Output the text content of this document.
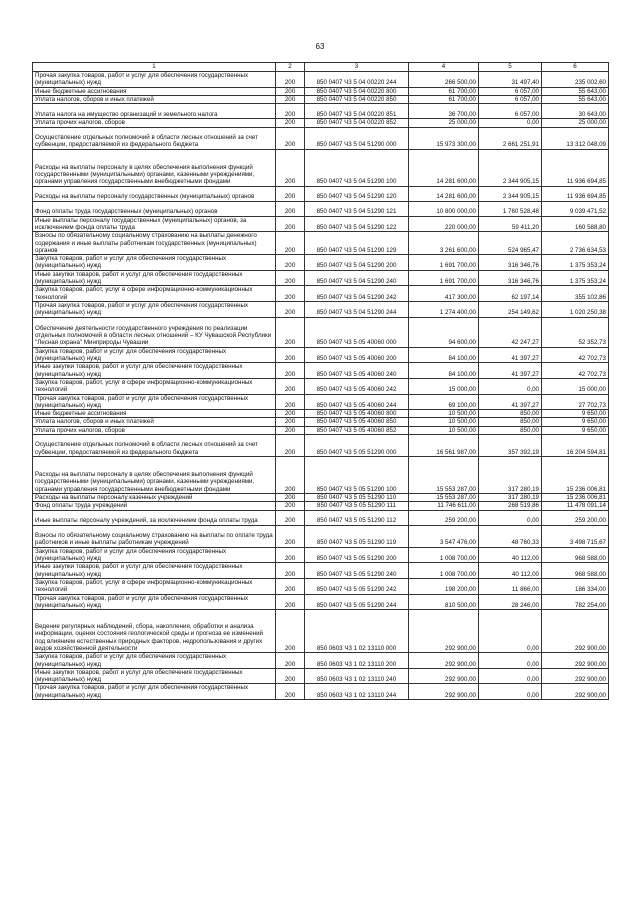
63
1	2	3	4	5	6
Прочая закупка товаров, работ и услуг для обеспечения государственных (муниципальных) нужд	200	850 0407 Ч3 5 04 00220 244	266 500,00	31 497,40	235 002,60
Иные бюджетные ассигнования	200	850 0407 Ч3 5 04 00220 800	61 700,00	6 057,00	55 643,00
Уплата налогов, сборов и иных платежей	200	850 0407 Ч3 5 04 00220 850	61 700,00	6 057,00	55 643,00
Уплата налога на имущество организаций и земельного налога	200	850 0407 Ч3 5 04 00220 851	36 700,00	6 057,00	30 643,00
Уплата прочих налогов, сборов	200	850 0407 Ч3 5 04 00220 852	25 000,00	0,00	25 000,00
Осуществление отдельных полномочий в области лесных отношений за счет субвенции, предоставляемой из федерального бюджета	200	850 0407 Ч3 5 04 51290 000	15 973 300,00	2 661 251,91	13 312 048,09
Расходы на выплаты персоналу в целях обеспечения выполнения функций государственными (муниципальными) органами, казенными учреждениями, органами управления государственными внебюджетными фондами	200	850 0407 Ч3 5 04 51290 100	14 281 600,00	2 344 905,15	11 936 694,85
Расходы на выплаты персоналу государственных (муниципальных) органов	200	850 0407 Ч3 5 04 51290 120	14 281 600,00	2 344 905,15	11 936 694,85
Фонд оплаты труда государственных (муниципальных) органов	200	850 0407 Ч3 5 04 51290 121	10 800 000,00	1 760 528,48	9 039 471,52
Иные выплаты персоналу государственных (муниципальных) органов, за исключением фонда оплаты труда	200	850 0407 Ч3 5 04 51290 122	220 000,00	59 411,20	160 588,80
Взносы по обязательному социальному страхованию на выплаты денежного содержания и иные выплаты работникам государственных (муниципальных) органов	200	850 0407 Ч3 5 04 51290 129	3 261 600,00	524 965,47	2 736 634,53
Закупка товаров, работ и услуг для обеспечения государственных (муниципальных) нужд	200	850 0407 Ч3 5 04 51290 200	1 691 700,00	316 346,76	1 375 353,24
Иные закупки товаров, работ и услуг для обеспечения государственных (муниципальных) нужд	200	850 0407 Ч3 5 04 51290 240	1 691 700,00	316 346,76	1 375 353,24
Закупка товаров, работ, услуг в сфере информационно-коммуникационных технологий	200	850 0407 Ч3 5 04 51290 242	417 300,00	62 197,14	355 102,86
Прочая закупка товаров, работ и услуг для обеспечения государственных (муниципальных) нужд	200	850 0407 Ч3 5 04 51290 244	1 274 400,00	254 149,62	1 020 250,38
Обеспечение деятельности государственного учреждения по реализации отдельных полномочий в области лесных отношений – КУ Чувашской Республики "Лесная охрана" Минприроды Чувашии	200	850 0407 Ч3 5 05 40060 000	94 600,00	42 247,27	52 352,73
Закупка товаров, работ и услуг для обеспечения государственных (муниципальных) нужд	200	850 0407 Ч3 5 05 40060 200	84 100,00	41 397,27	42 702,73
Иные закупки товаров, работ и услуг для обеспечения государственных (муниципальных) нужд	200	850 0407 Ч3 5 05 40060 240	84 100,00	41 397,27	42 702,73
Закупка товаров, работ, услуг в сфере информационно-коммуникационных технологий	200	850 0407 Ч3 5 05 40060 242	15 000,00	0,00	15 000,00
Прочая закупка товаров, работ и услуг для обеспечения государственных (муниципальных) нужд	200	850 0407 Ч3 5 05 40060 244	69 100,00	41 397,27	27 702,73
Иные бюджетные ассигнования	200	850 0407 Ч3 5 05 40060 800	10 500,00	850,00	9 650,00
Уплата налогов, сборов и иных платежей	200	850 0407 Ч3 5 05 40060 850	10 500,00	850,00	9 650,00
Уплата прочих налогов, сборов	200	850 0407 Ч3 5 05 40060 852	10 500,00	850,00	9 650,00
Осуществление отдельных полномочий в области лесных отношений за счет субвенции, предоставляемой из федерального бюджета	200	850 0407 Ч3 5 05 51290 000	16 561 987,00	357 392,19	16 204 594,81
Расходы на выплаты персоналу в целях обеспечения выполнения функций государственными (муниципальными) органами, казенными учреждениями, органами управления государственными внебюджетными фондами	200	850 0407 Ч3 5 05 51290 100	15 553 287,00	317 280,19	15 236 006,81
Расходы на выплаты персоналу казенных учреждений	200	850 0407 Ч3 5 05 51290 110	15 553 287,00	317 280,19	15 236 006,81
Фонд оплаты труда учреждений	200	850 0407 Ч3 5 05 51290 111	11 746 611,00	268 519,86	11 478 091,14
Иные выплаты персоналу учреждений, за исключением фонда оплаты труда	200	850 0407 Ч3 5 05 51290 112	259 200,00	0,00	259 200,00
Взносы по обязательному социальному страхованию на выплаты по оплате труда работников и иные выплаты работникам учреждений	200	850 0407 Ч3 5 05 51290 119	3 547 476,00	48 760,33	3 498 715,67
Закупка товаров, работ и услуг для обеспечения государственных (муниципальных) нужд	200	850 0407 Ч3 5 05 51290 200	1 008 700,00	40 112,00	968 588,00
Иные закупки товаров, работ и услуг для обеспечения государственных (муниципальных) нужд	200	850 0407 Ч3 5 05 51290 240	1 008 700,00	40 112,00	968 588,00
Закупка товаров, работ, услуг в сфере информационно-коммуникационных технологий	200	850 0407 Ч3 5 05 51290 242	198 200,00	11 866,00	186 334,00
Прочая закупка товаров, работ и услуг для обеспечения государственных (муниципальных) нужд	200	850 0407 Ч3 5 05 51290 244	810 500,00	28 246,00	782 254,00
Ведение регулярных наблюдений, сбора, накопления, обработки и анализа информации, оценки состояния геологической среды и прогноза ее изменений под влиянием естественных природных факторов, недропользования и других видов хозяйственной деятельности	200	850 0603 Ч3 1 02 13110 000	292 900,00	0,00	292 900,00
Закупка товаров, работ и услуг для обеспечения государственных (муниципальных) нужд	200	850 0603 Ч3 1 02 13110 200	292 900,00	0,00	292 900,00
Иные закупки товаров, работ и услуг для обеспечения государственных (муниципальных) нужд	200	850 0603 Ч3 1 02 13110 240	292 900,00	0,00	292 900,00
Прочая закупка товаров, работ и услуг для обеспечения государственных (муниципальных) нужд	200	850 0603 Ч3 1 02 13110 244	292 900,00	0,00	292 900,00
